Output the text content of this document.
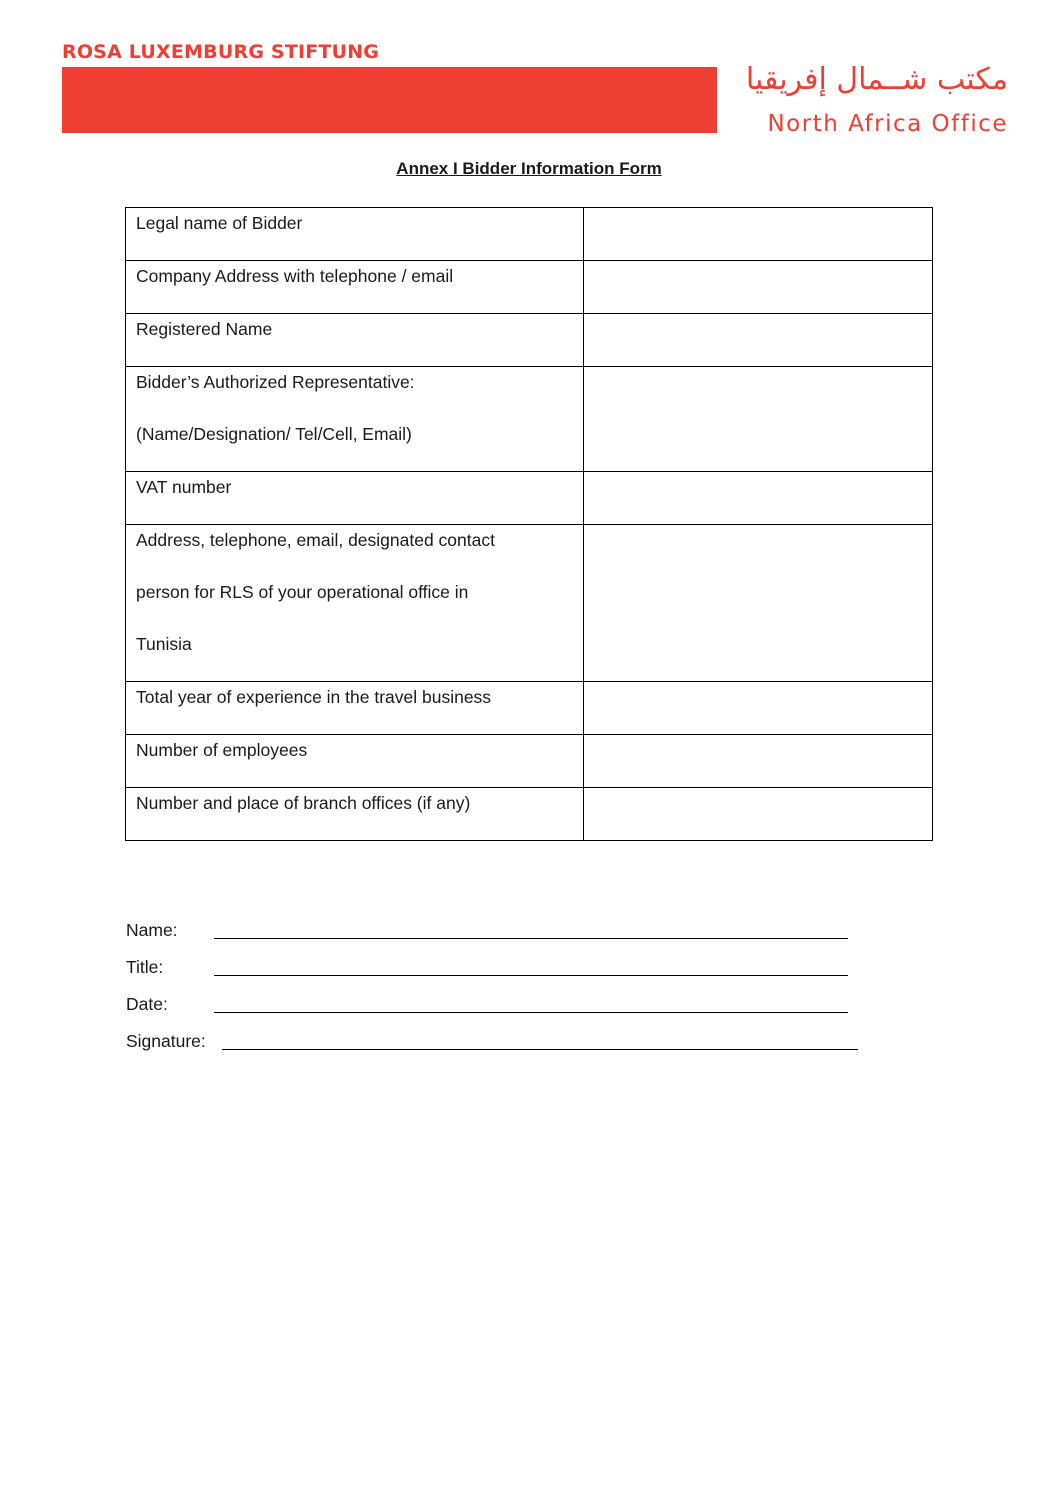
ROSA LUXEMBURG STIFTUNG
مكتب شــمال إفريقيا
North Africa Office
Annex I Bidder Information Form
Legal name of Bidder	

Company Address with telephone / email	

Registered Name	

Bidder’s Authorized Representative:
(Name/Designation/ Tel/Cell, Email)	

VAT number	

Address, telephone, email, designated contact
person for RLS of your operational office in
Tunisia	

Total year of experience in the travel business	

Number of employees	

Number and place of branch offices (if any)	

Name:
Title:
Date:
Signature:
